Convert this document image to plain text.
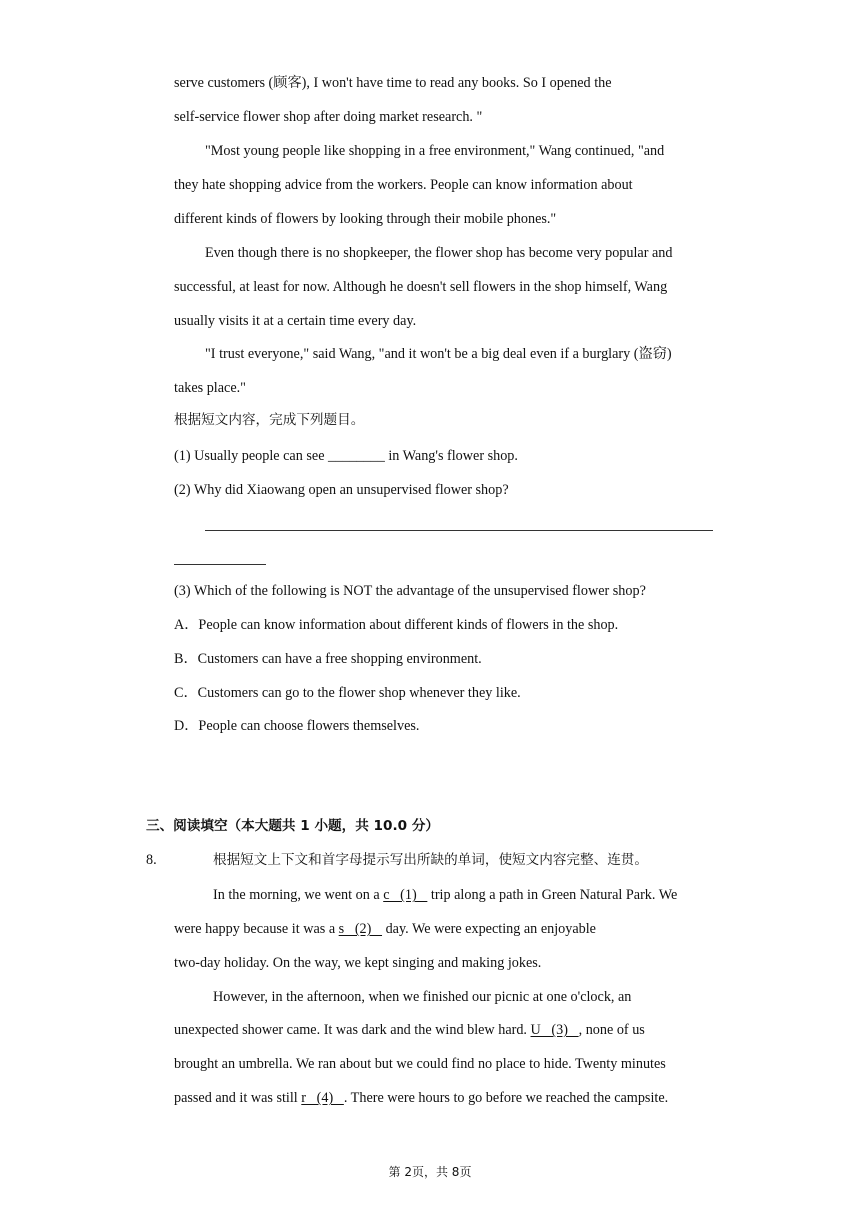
serve customers (顾客), I won't have time to read any books. So I opened the
self-service flower shop after doing market research. "
"Most young people like shopping in a free environment," Wang continued, "and
they hate shopping advice from the workers. People can know information about
different kinds of flowers by looking through their mobile phones."
Even though there is no shopkeeper, the flower shop has become very popular and
successful, at least for now. Although he doesn't sell flowers in the shop himself, Wang
usually visits it at a certain time every day.
"I trust everyone," said Wang, "and it won't be a big deal even if a burglary (盗窃)
takes place."
根据短文内容，完成下列题目。
(1) Usually people can see ________ in Wang's flower shop.
(2) Why did Xiaowang open an unsupervised flower shop?
(3) Which of the following is NOT the advantage of the unsupervised flower shop?
A．People can know information about different kinds of flowers in the shop.
B．Customers can have a free shopping environment.
C．Customers can go to the flower shop whenever they like.
D．People can choose flowers themselves.
三、阅读填空（本大题共 1 小题，共 10.0 分）
8.	根据短文上下文和首字母提示写出所缺的单词，使短文内容完整、连贯。
In the morning, we went on a c   (1)    trip along a path in Green Natural Park. We
were happy because it was a s   (2)    day. We were expecting an enjoyable
two-day holiday. On the way, we kept singing and making jokes.
However, in the afternoon, when we finished our picnic at one o'clock, an
unexpected shower came. It was dark and the wind blew hard. U   (3)   , none of us
brought an umbrella. We ran about but we could find no place to hide. Twenty minutes
passed and it was still r   (4)   . There were hours to go before we reached the campsite.
第 2页，共 8页
